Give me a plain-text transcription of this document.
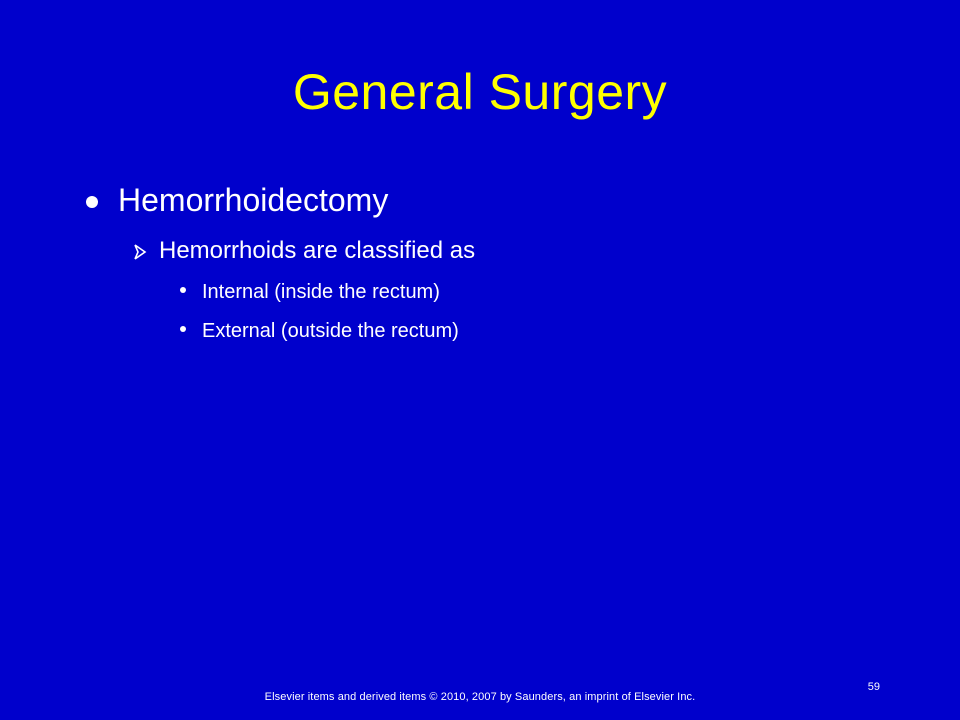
General Surgery
Hemorrhoidectomy
Hemorrhoids are classified as
Internal (inside the rectum)
External (outside the rectum)
59
Elsevier items and derived items © 2010, 2007 by Saunders, an imprint of Elsevier Inc.
